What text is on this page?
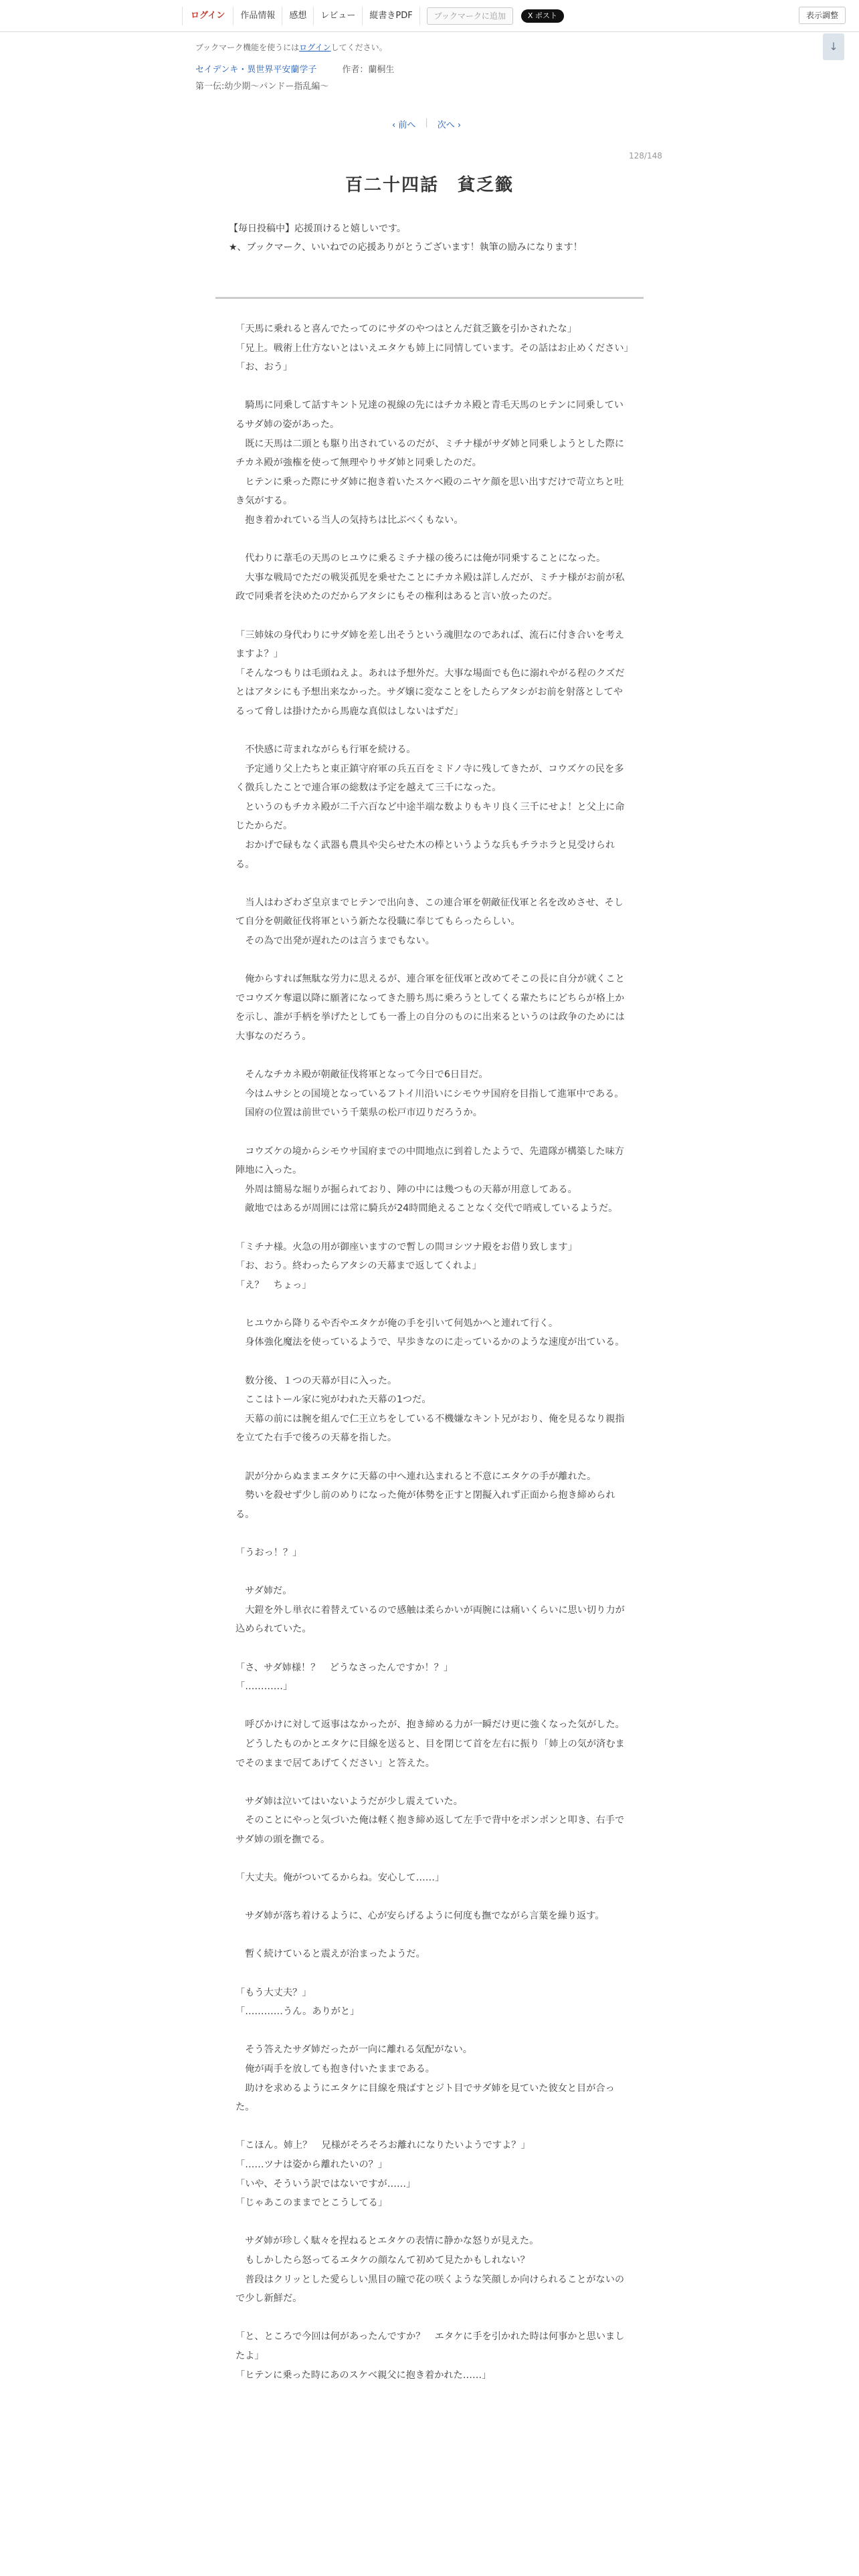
ログイン	作品情報	感想	レビュー	縦書きPDF	ブックマークに追加	X ポスト	表示調整
↓
ブックマーク機能を使うにはログインしてください。
セイデンキ・異世界平安蘭学子	作者：蘭桐生
第一伝:幼少期〜パンドー指乱編〜
‹ 前へ	|	次へ ›
128/148
百二十四話　貧乏籤

【毎日投稿中】応援頂けると嬉しいです。

★、ブックマーク、いいねでの応援ありがとうございます！執筆の励みになります！

「天馬に乗れると喜んでたってのにサダのやつはとんだ貧乏籤を引かされたな」

「兄上。戦術上仕方ないとはいえエタケも姉上に同情しています。その話はお止めください」

「お、おう」

　騎馬に同乗して話すキント兄達の視線の先にはチカネ殿と青毛天馬のヒテンに同乗しているサダ姉の姿があった。

　既に天馬は二頭とも駆り出されているのだが、ミチナ様がサダ姉と同乗しようとした際にチカネ殿が強権を使って無理やりサダ姉と同乗したのだ。

　ヒテンに乗った際にサダ姉に抱き着いたスケベ殿のニヤケ顔を思い出すだけで苛立ちと吐き気がする。

　抱き着かれている当人の気持ちは比ぶべくもない。

　代わりに葦毛の天馬のヒユウに乗るミチナ様の後ろには俺が同乗することになった。

　大事な戦局でただの戦災孤児を乗せたことにチカネ殿は詳しんだが、ミチナ様がお前が私政で同乗者を決めたのだからアタシにもその権利はあると言い放ったのだ。

「三姉妹の身代わりにサダ姉を差し出そうという魂胆なのであれば、流石に付き合いを考えますよ？」

「そんなつもりは毛頭ねえよ。あれは予想外だ。大事な場面でも色に溺れやがる程のクズだとはアタシにも予想出来なかった。サダ嬢に変なことをしたらアタシがお前を射落としてやるって脅しは掛けたから馬鹿な真似はしないはずだ」

　不快感に苛まれながらも行軍を続ける。

　予定通り父上たちと東正鎮守府軍の兵五百をミドノ寺に残してきたが、コウズケの民を多く徴兵したことで連合軍の総数は予定を越えて三千になった。

　というのもチカネ殿が二千六百など中途半端な数よりもキリ良く三千にせよ！と父上に命じたからだ。

　おかげで碌もなく武器も農具や尖らせた木の棒というような兵もチラホラと見受けられる。

　当人はわざわざ皇京までヒテンで出向き、この連合軍を朝敵征伐軍と名を改めさせ、そして自分を朝敵征伐将軍という新たな役職に奉じてもらったらしい。

　その為で出発が遅れたのは言うまでもない。

　俺からすれば無駄な労力に思えるが、連合軍を征伐軍と改めてそこの長に自分が就くことでコウズケ奪還以降に願著になってきた勝ち馬に乗ろうとしてくる輩たちにどちらが格上かを示し、誰が手柄を挙げたとしても一番上の自分のものに出来るというのは政争のためには大事なのだろう。

　そんなチカネ殿が朝敵征伐将軍となって今日で6日目だ。

　今はムサシとの国境となっているフトイ川沿いにシモウサ国府を目指して進軍中である。

　国府の位置は前世でいう千葉県の松戸市辺りだろうか。

　コウズケの境からシモウサ国府までの中間地点に到着したようで、先遣隊が構築した味方陣地に入った。

　外周は簡易な堀りが掘られており、陣の中には幾つもの天幕が用意してある。

　敵地ではあるが周囲には常に騎兵が24時間絶えることなく交代で哨戒しているようだ。

「ミチナ様。火急の用が御座いますので暫しの間ヨシツナ殿をお借り致します」

「お、おう。終わったらアタシの天幕まで返してくれよ」

「え？　ちょっ」

　ヒユウから降りるや否やエタケが俺の手を引いて何処かへと連れて行く。

　身体強化魔法を使っているようで、早歩きなのに走っているかのような速度が出ている。

　数分後、１つの天幕が目に入った。

　ここはトール家に宛がわれた天幕の1つだ。

　天幕の前には腕を組んで仁王立ちをしている不機嫌なキント兄がおり、俺を見るなり親指を立てた右手で後ろの天幕を指した。

　訳が分からぬままエタケに天幕の中へ連れ込まれると不意にエタケの手が離れた。

　勢いを殺せず少し前のめりになった俺が体勢を正すと閉擬入れず正面から抱き締められる。

「うおっ！？」

　サダ姉だ。

　大鎧を外し単衣に着替えているので感触は柔らかいが両腕には痛いくらいに思い切り力が込められていた。

「さ、サダ姉様！？　どうなさったんですか！？」

「…………」

　呼びかけに対して返事はなかったが、抱き締める力が一瞬だけ更に強くなった気がした。

　どうしたものかとエタケに目線を送ると、目を閉じて首を左右に振り「姉上の気が済むまでそのままで居てあげてください」と答えた。

　サダ姉は泣いてはいないようだが少し震えていた。

　そのことにやっと気づいた俺は軽く抱き締め返して左手で背中をポンポンと叩き、右手でサダ姉の頭を撫でる。

「大丈夫。俺がついてるからね。安心して……」

　サダ姉が落ち着けるように、心が安らげるように何度も撫でながら言葉を繰り返す。

　暫く続けていると震えが治まったようだ。

「もう大丈夫？」

「…………うん。ありがと」

　そう答えたサダ姉だったが一向に離れる気配がない。

　俺が両手を放しても抱き付いたままである。

　助けを求めるようにエタケに目線を飛ばすとジト目でサダ姉を見ていた彼女と目が合った。

「こほん。姉上？　兄様がそろそろお離れになりたいようですよ？」

「……ツナは姿から離れたいの？」

「いや、そういう訳ではないですが……」

「じゃあこのままでとこうしてる」

　サダ姉が珍しく駄々を捏ねるとエタケの表情に静かな怒りが見えた。

　もしかしたら怒ってるエタケの顔なんて初めて見たかもしれない？

　普段はクリッとした愛らしい黒目の瞳で花の咲くような笑顔しか向けられることがないので少し新鮮だ。

「と、ところで今回は何があったんですか？　エタケに手を引かれた時は何事かと思いましたよ」

「ヒテンに乗った時にあのスケベ親父に抱き着かれた……」
